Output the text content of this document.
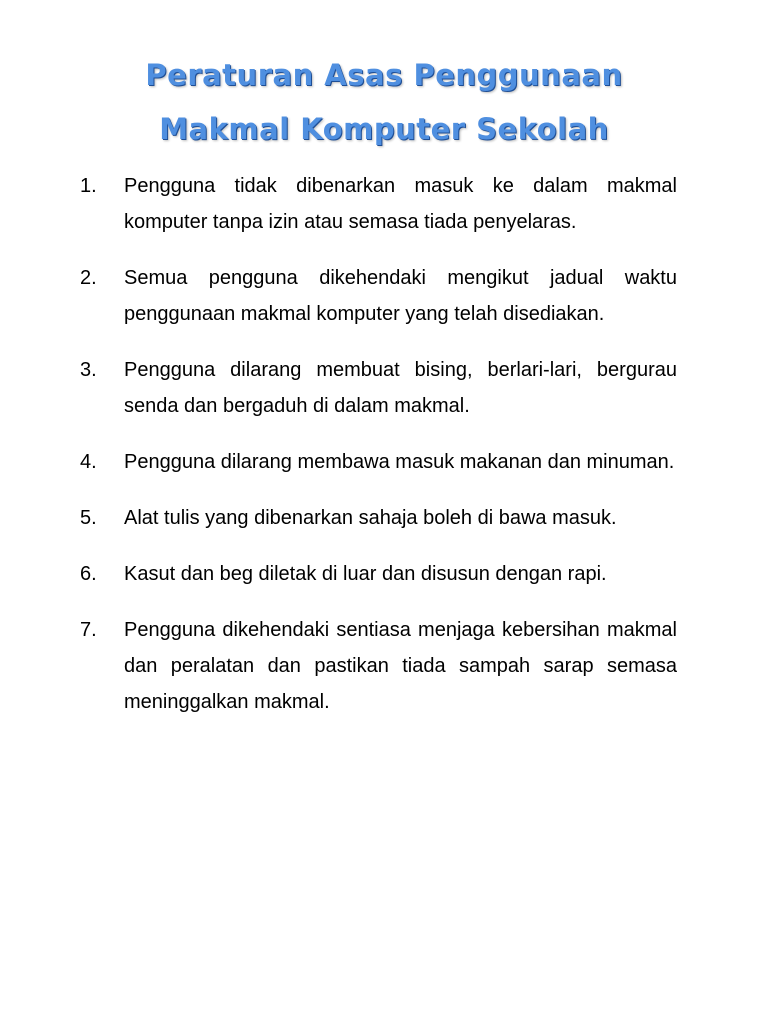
Peraturan Asas Penggunaan
Makmal Komputer Sekolah
1. Pengguna tidak dibenarkan masuk ke dalam makmal komputer tanpa izin atau semasa tiada penyelaras.
2. Semua pengguna dikehendaki mengikut jadual waktu penggunaan makmal komputer yang telah disediakan.
3. Pengguna dilarang membuat bising, berlari-lari, bergurau senda dan bergaduh di dalam makmal.
4. Pengguna dilarang membawa masuk makanan dan minuman.
5. Alat tulis yang dibenarkan sahaja boleh di bawa masuk.
6. Kasut dan beg diletak di luar dan disusun dengan rapi.
7. Pengguna dikehendaki sentiasa menjaga kebersihan makmal dan peralatan dan pastikan tiada sampah sarap semasa meninggalkan makmal.
